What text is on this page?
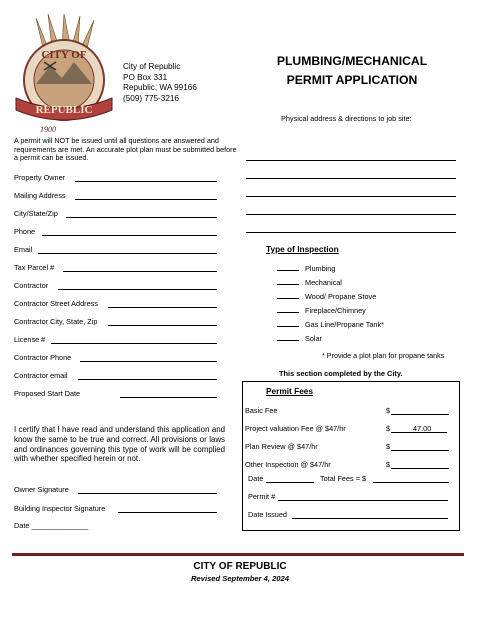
CITY OF
REPUBLIC
1900
City of Republic
PO Box 331
Republic, WA 99166
(509) 775-3216
PLUMBING/MECHANICAL
PERMIT APPLICATION
Physical address & directions to job site:
A permit will NOT be issued until all questions are answered and requirements are met. An accurate plot plan must be submitted before a permit can be issued.
Property Owner
Mailing Address
City/State/Zip
Phone
Email
Tax Parcel #
Contractor
Contractor Street Address
Contractor City, State, Zip
License #
Contractor Phone
Contractor email
Proposed Start Date
Type of Inspection
Plumbing
Mechanical
Wood/ Propane Stove
Fireplace/Chimney
Gas Line/Propane Tank*
Solar
* Provide a plot plan for propane tanks
This section completed by the City.
Permit Fees
Basic Fee	$
Project valuation Fee @ $47/hr	$	47.00
Plan Review @ $47/hr	$
Other Inspection @ $47/hr	$
Date	Total Fees = $
Permit #
Date Issued
I certify that I have read and understand this application and know the same to be true and correct. All provisions or laws and ordinances governing this type of work will be complied with whether specified herein or not.
Owner Signature
Building Inspector Signature
Date ______________
CITY OF REPUBLIC
Revised September 4, 2024
